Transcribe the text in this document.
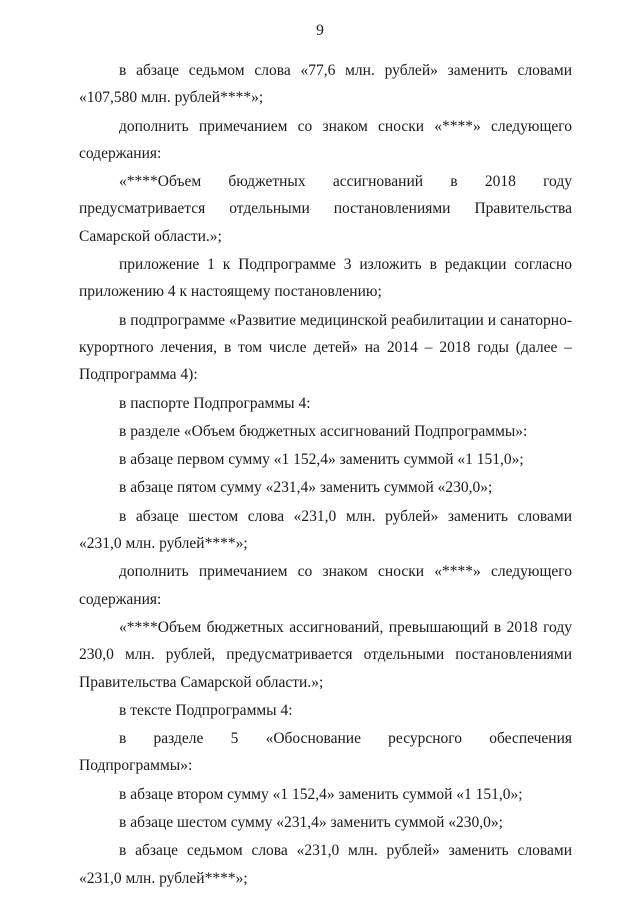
9

в абзаце седьмом слова «77,6 млн. рублей» заменить словами «107,580 млн. рублей****»;

дополнить примечанием со знаком сноски «****» следующего содержания:

«****Объем бюджетных ассигнований в 2018 году предусматривается отдельными постановлениями Правительства Самарской области.»;

приложение 1 к Подпрограмме 3 изложить в редакции согласно приложению 4 к настоящему постановлению;

в подпрограмме «Развитие медицинской реабилитации и санаторно-курортного лечения, в том числе детей» на 2014 – 2018 годы (далее – Подпрограмма 4):

в паспорте Подпрограммы 4:

в разделе «Объем бюджетных ассигнований Подпрограммы»:

в абзаце первом сумму «1 152,4» заменить суммой «1 151,0»;

в абзаце пятом сумму «231,4» заменить суммой «230,0»;

в абзаце шестом слова «231,0 млн. рублей» заменить словами «231,0 млн. рублей****»;

дополнить примечанием со знаком сноски «****» следующего содержания:

«****Объем бюджетных ассигнований, превышающий в 2018 году 230,0 млн. рублей, предусматривается отдельными постановлениями Правительства Самарской области.»;

в тексте Подпрограммы 4:

в разделе 5 «Обоснование ресурсного обеспечения Подпрограммы»:

в абзаце втором сумму «1 152,4» заменить суммой «1 151,0»;

в абзаце шестом сумму «231,4» заменить суммой «230,0»;

в абзаце седьмом слова «231,0 млн. рублей» заменить словами «231,0 млн. рублей****»;
